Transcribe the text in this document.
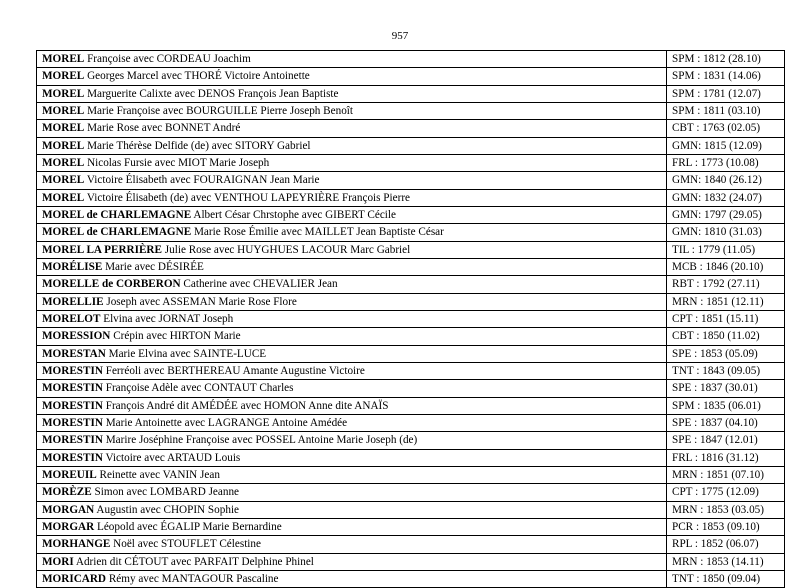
957
MOREL Françoise avec CORDEAU Joachim	SPM : 1812 (28.10)
MOREL Georges Marcel avec THORÉ Victoire Antoinette	SPM : 1831 (14.06)
MOREL Marguerite Calixte avec DENOS François Jean Baptiste	SPM : 1781 (12.07)
MOREL Marie Françoise avec BOURGUILLE Pierre Joseph Benoît	SPM : 1811 (03.10)
MOREL Marie Rose avec BONNET André	CBT : 1763 (02.05)
MOREL Marie Thérèse Delfide (de) avec SITORY Gabriel	GMN: 1815 (12.09)
MOREL Nicolas Fursie avec MIOT Marie Joseph	FRL : 1773 (10.08)
MOREL Victoire Élisabeth avec FOURAIGNAN Jean Marie	GMN: 1840 (26.12)
MOREL Victoire Élisabeth (de) avec VENTHOU LAPEYRIÈRE François Pierre	GMN: 1832 (24.07)
MOREL de CHARLEMAGNE Albert César Chrstophe avec GIBERT Cécile	GMN: 1797 (29.05)
MOREL de CHARLEMAGNE Marie Rose Émilie avec MAILLET Jean Baptiste César	GMN: 1810 (31.03)
MOREL LA PERRIÈRE Julie Rose avec HUYGHUES LACOUR Marc Gabriel	TIL : 1779 (11.05)
MORÉLISE Marie avec DÉSIRÉE	MCB : 1846 (20.10)
MORELLE de CORBERON Catherine avec CHEVALIER Jean	RBT : 1792 (27.11)
MORELLIE Joseph avec ASSEMAN Marie Rose Flore	MRN : 1851 (12.11)
MORELOT Elvina avec JORNAT Joseph	CPT : 1851 (15.11)
MORESSION Crépin avec HIRTON Marie	CBT : 1850 (11.02)
MORESTAN Marie Elvina avec SAINTE-LUCE	SPE : 1853 (05.09)
MORESTIN Ferréoli avec BERTHEREAU Amante Augustine Victoire	TNT : 1843 (09.05)
MORESTIN Françoise Adèle avec CONTAUT Charles	SPE : 1837 (30.01)
MORESTIN François André dit AMÉDÉE avec HOMON Anne dite ANAÏS	SPM : 1835 (06.01)
MORESTIN Marie Antoinette avec LAGRANGE Antoine Amédée	SPE : 1837 (04.10)
MORESTIN Marire Joséphine Françoise avec POSSEL Antoine Marie Joseph (de)	SPE : 1847 (12.01)
MORESTIN Victoire avec ARTAUD Louis	FRL : 1816 (31.12)
MOREUIL Reinette avec VANIN Jean	MRN : 1851 (07.10)
MORÈZE Simon avec LOMBARD Jeanne	CPT : 1775 (12.09)
MORGAN Augustin avec CHOPIN Sophie	MRN : 1853 (03.05)
MORGAR Léopold avec ÉGALIP Marie Bernardine	PCR : 1853 (09.10)
MORHANGE Noël avec STOUFLET Célestine	RPL : 1852 (06.07)
MORI Adrien dit CÉTOUT avec PARFAIT Delphine Phinel	MRN : 1853 (14.11)
MORICARD Rémy avec MANTAGOUR Pascaline	TNT : 1850 (09.04)
